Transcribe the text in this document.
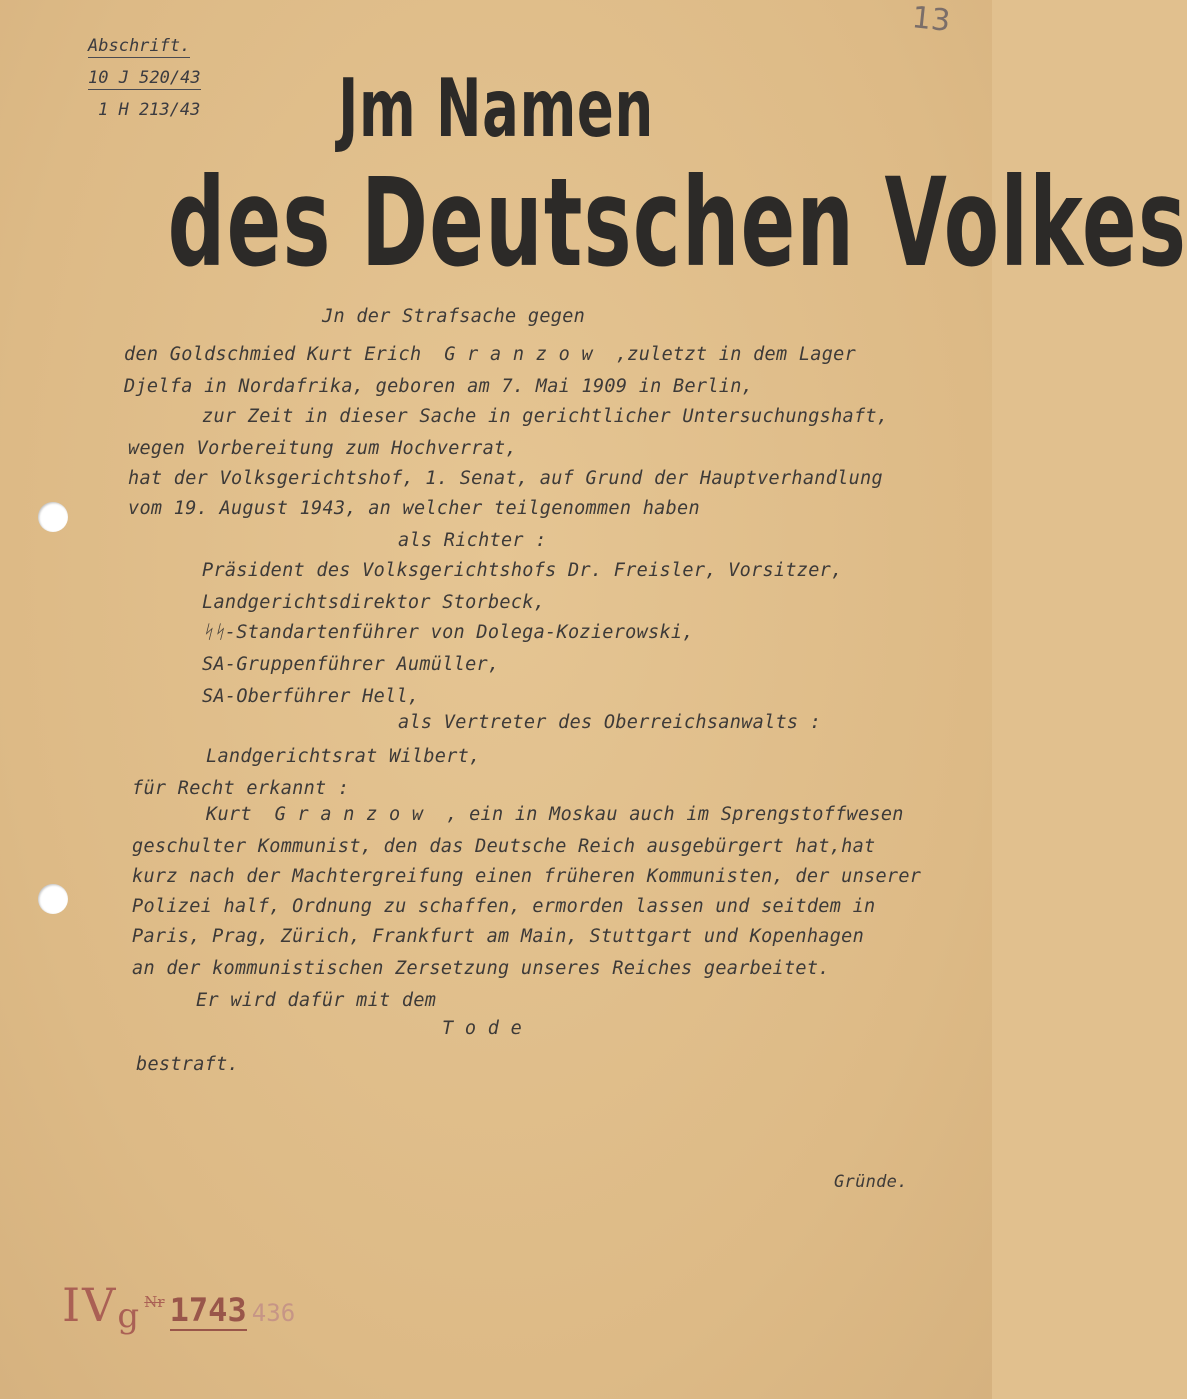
Abschrift.
10 J 520/43
1 H 213/43
13
Jm Namen
des Deutschen Volkes
Jn der Strafsache gegen
den Goldschmied Kurt Erich  G r a n z o w  ,zuletzt in dem Lager
Djelfa in Nordafrika, geboren am 7. Mai 1909 in Berlin,
zur Zeit in dieser Sache in gerichtlicher Untersuchungshaft,
wegen Vorbereitung zum Hochverrat,
hat der Volksgerichtshof, 1. Senat, auf Grund der Hauptverhandlung
vom 19. August 1943, an welcher teilgenommen haben
als Richter :
Präsident des Volksgerichtshofs Dr. Freisler, Vorsitzer,
Landgerichtsdirektor Storbeck,
ᛋᛋ-Standartenführer von Dolega-Kozierowski,
SA-Gruppenführer Aumüller,
SA-Oberführer Hell,
als Vertreter des Oberreichsanwalts :
Landgerichtsrat Wilbert,
für Recht erkannt :
Kurt  G r a n z o w  , ein in Moskau auch im Sprengstoffwesen
geschulter Kommunist, den das Deutsche Reich ausgebürgert hat,hat
kurz nach der Machtergreifung einen früheren Kommunisten, der unserer
Polizei half, Ordnung zu schaffen, ermorden lassen und seitdem in
Paris, Prag, Zürich, Frankfurt am Main, Stuttgart und Kopenhagen
an der kommunistischen Zersetzung unseres Reiches gearbeitet.
Er wird dafür mit dem
T o d e
bestraft.
Gründe.
IVg Nr 1743 436
